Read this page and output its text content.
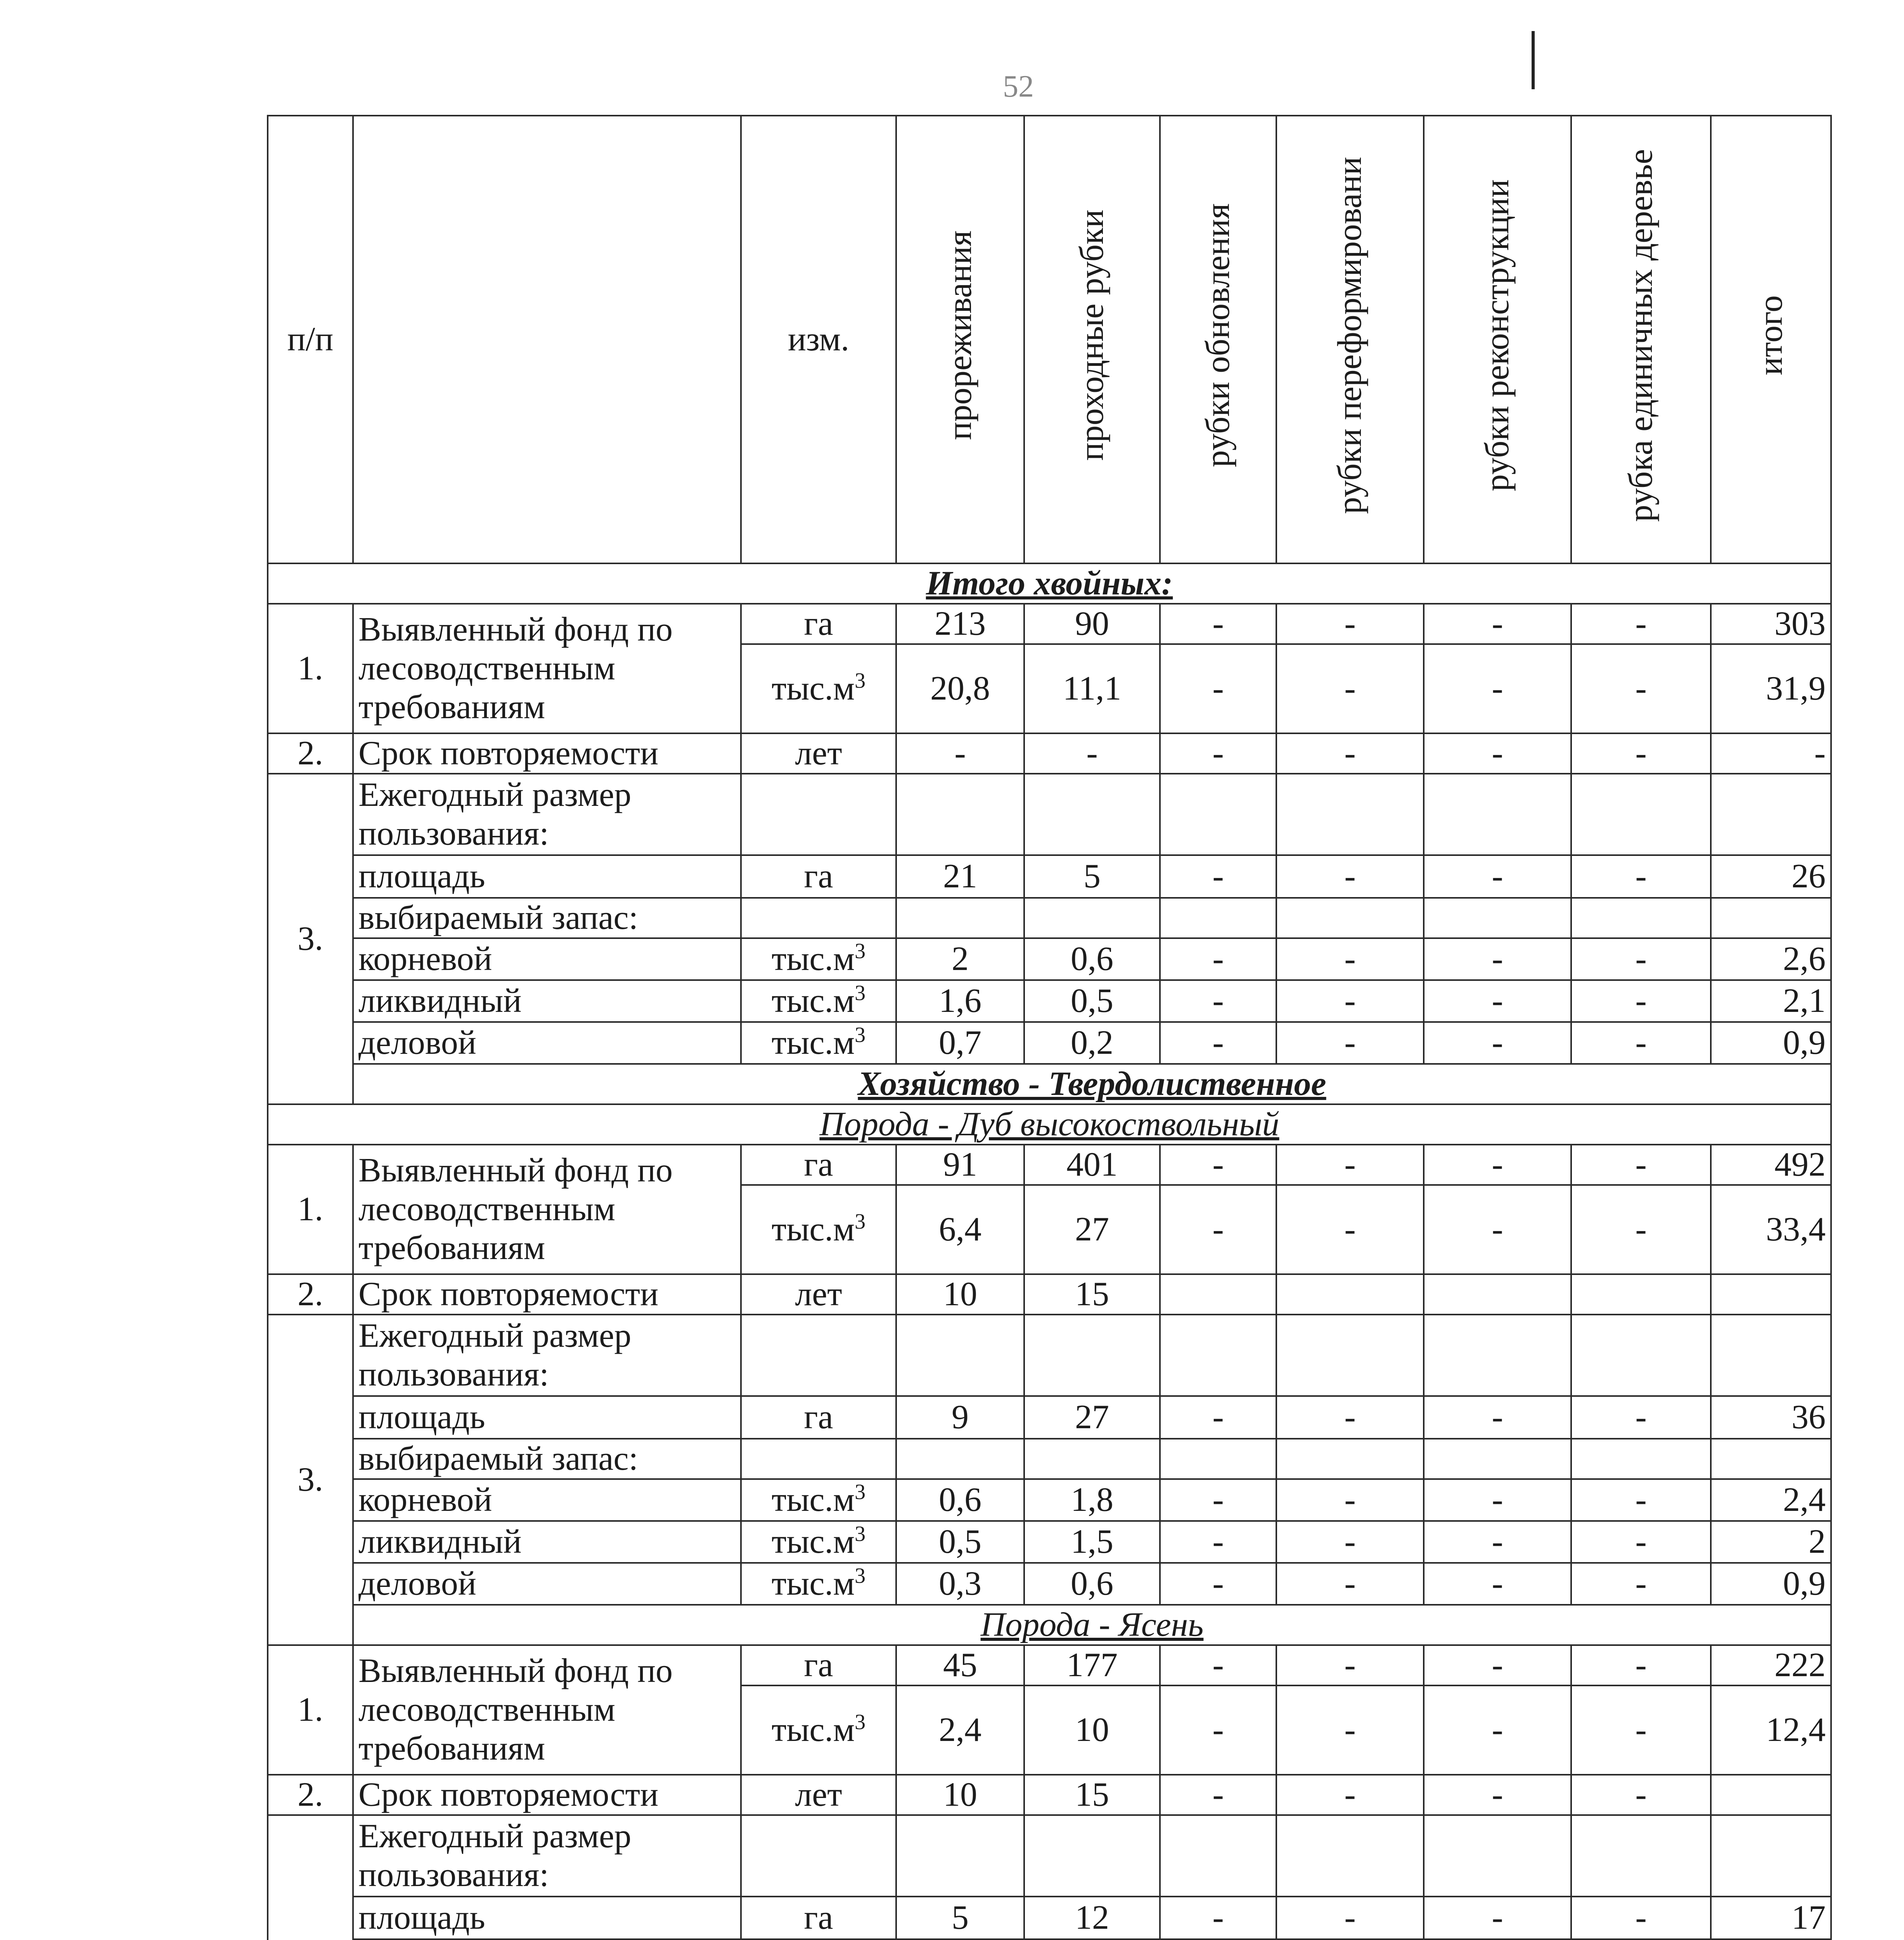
52
п/п		изм.	прореживания	проходные рубки	рубки обновления	рубки переформировани	рубки реконструкции	рубка единичных деревье	итого
Итого хвойных:									
1.	Выявленный фонд по лесоводственным требованиям	га	213	90	-	-	-	-	303
		$тыс.м^3$	20,8	11,1	-	-	-	-	31,9
2.	Срок повторяемости	лет	-	-	-	-	-	-	-
3.	Ежегодный размер пользования:								
	площадь	га	21	5	-	-	-	-	26
	выбираемый запас:								
	корневой	$тыс.м^3$	2	0,6	-	-	-	-	2,6
	ликвидный	$тыс.м^3$	1,6	0,5	-	-	-	-	2,1
	деловой	$тыс.м^3$	0,7	0,2	-	-	-	-	0,9
	Хозяйство - Твердолиственное								
Порода - Дуб высокоствольный									
1.	Выявленный фонд по лесоводственным требованиям	га	91	401	-	-	-	-	492
		$тыс.м^3$	6,4	27	-	-	-	-	33,4
2.	Срок повторяемости	лет	10	15					
3.	Ежегодный размер пользования:								
	площадь	га	9	27	-	-	-	-	36
	выбираемый запас:								
	корневой	$тыс.м^3$	0,6	1,8	-	-	-	-	2,4
	ликвидный	$тыс.м^3$	0,5	1,5	-	-	-	-	2
	деловой	$тыс.м^3$	0,3	0,6	-	-	-	-	0,9
	Порода - Ясень								
1.	Выявленный фонд по лесоводственным требованиям	га	45	177	-	-	-	-	222
		$тыс.м^3$	2,4	10	-	-	-	-	12,4
2.	Срок повторяемости	лет	10	15	-	-	-	-	
	Ежегодный размер пользования:								
	площадь	га	5	12	-	-	-	-	17
